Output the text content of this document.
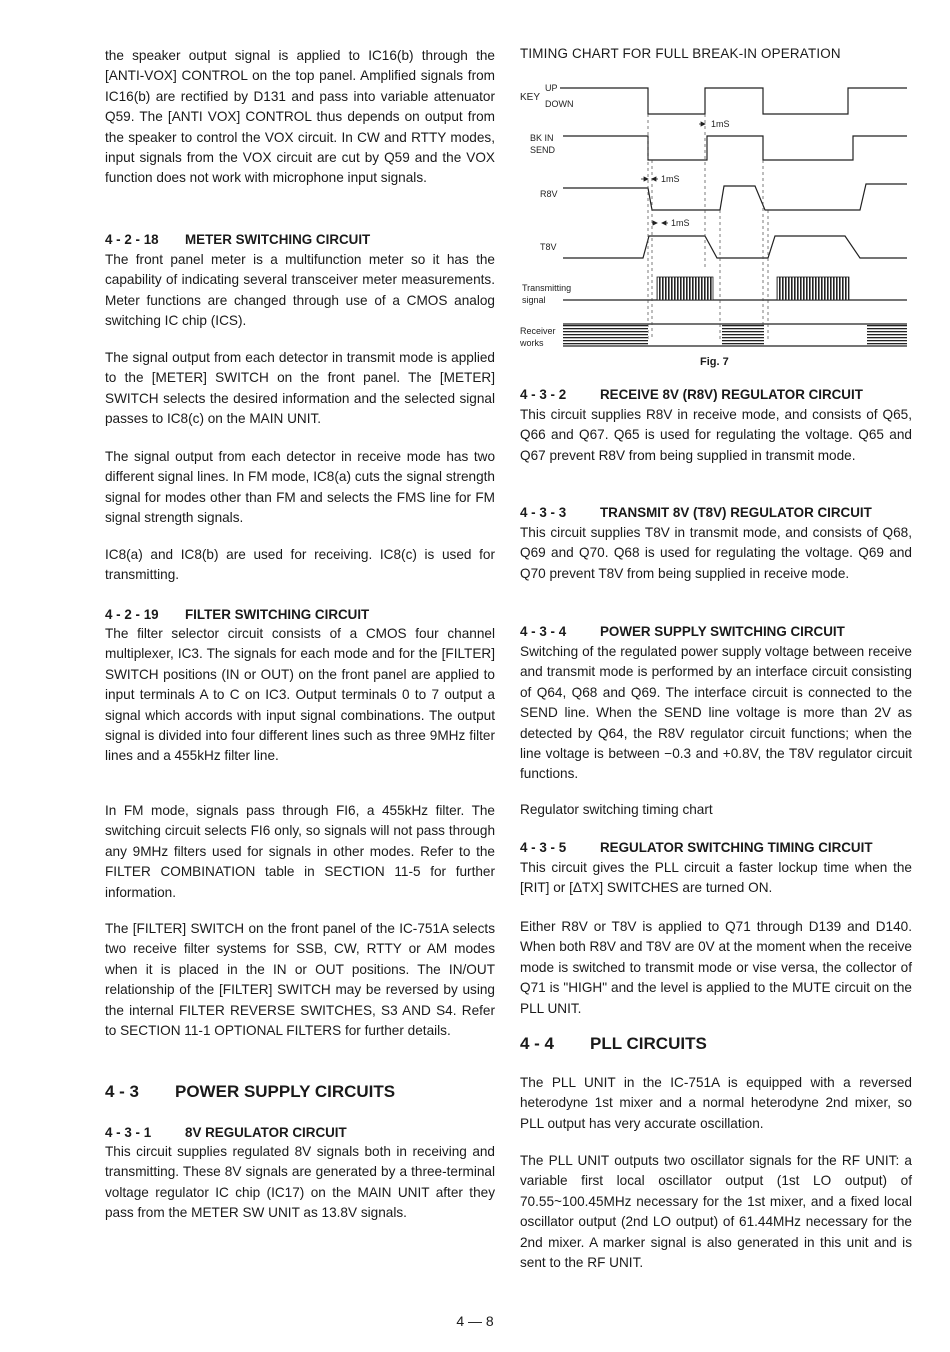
the speaker output signal is applied to IC16(b) through the [ANTI-VOX] CONTROL on the top panel. Amplified signals from IC16(b) are rectified by D131 and pass into variable attenuator Q59. The [ANTI VOX] CONTROL thus depends on output from the speaker to control the VOX circuit. In CW and RTTY modes, input signals from the VOX circuit are cut by Q59 and the VOX function does not work with microphone input signals.

4 - 2 - 18 METER SWITCHING CIRCUIT

The front panel meter is a multifunction meter so it has the capability of indicating several transceiver meter measurements. Meter functions are changed through use of a CMOS analog switching IC chip (ICS).

The signal output from each detector in transmit mode is applied to the [METER] SWITCH on the front panel. The [METER] SWITCH selects the desired information and the selected signal passes to IC8(c) on the MAIN UNIT.

The signal output from each detector in receive mode has two different signal lines. In FM mode, IC8(a) cuts the signal strength signal for modes other than FM and selects the FMS line for FM signal strength signals.

IC8(a) and IC8(b) are used for receiving. IC8(c) is used for transmitting.

4 - 2 - 19 FILTER SWITCHING CIRCUIT

The filter selector circuit consists of a CMOS four channel multiplexer, IC3. The signals for each mode and for the [FILTER] SWITCH positions (IN or OUT) on the front panel are applied to input terminals A to C on IC3. Output terminals 0 to 7 output a signal which accords with input signal combinations. The output signal is divided into four different lines such as three 9MHz filter lines and a 455kHz filter line.

In FM mode, signals pass through FI6, a 455kHz filter. The switching circuit selects FI6 only, so signals will not pass through any 9MHz filters used for signals in other modes. Refer to the FILTER COMBINATION table in SECTION 11-5 for further information.

The [FILTER] SWITCH on the front panel of the IC-751A selects two receive filter systems for SSB, CW, RTTY or AM modes when it is placed in the IN or OUT positions. The IN/OUT relationship of the [FILTER] SWITCH may be reversed by using the internal FILTER REVERSE SWITCHES, S3 AND S4. Refer to SECTION 11-1 OPTIONAL FILTERS for further details.

4 - 3 POWER SUPPLY CIRCUITS
4 - 3 - 1	8V REGULATOR CIRCUIT

This circuit supplies regulated 8V signals both in receiving and transmitting. These 8V signals are generated by a three-terminal voltage regulator IC chip (IC17) on the MAIN UNIT after they pass from the METER SW UNIT as 13.8V signals.

TIMING CHART FOR FULL BREAK-IN OPERATION
KEY
UP
DOWN
BK IN
SEND
R8V
T8V
Transmitting
signal
Receiver
works
1mS
1mS
1mS
Fig. 7
4 - 3 - 2	RECEIVE 8V (R8V) REGULATOR CIRCUIT

This circuit supplies R8V in receive mode, and consists of Q65, Q66 and Q67. Q65 is used for regulating the voltage. Q65 and Q67 prevent R8V from being supplied in transmit mode.

4 - 3 - 3	TRANSMIT 8V (T8V) REGULATOR CIRCUIT

This circuit supplies T8V in transmit mode, and consists of Q68, Q69 and Q70. Q68 is used for regulating the voltage. Q69 and Q70 prevent T8V from being supplied in receive mode.

4 - 3 - 4	POWER SUPPLY SWITCHING CIRCUIT

Switching of the regulated power supply voltage between receive and transmit mode is performed by an interface circuit consisting of Q64, Q68 and Q69. The interface circuit is connected to the SEND line. When the SEND line voltage is more than 2V as detected by Q64, the R8V regulator circuit functions; when the line voltage is between −0.3 and +0.8V, the T8V regulator circuit functions.

Regulator switching timing chart

4 - 3 - 5	REGULATOR SWITCHING TIMING CIRCUIT

This circuit gives the PLL circuit a faster lockup time when the [RIT] or [ΔTX] SWITCHES are turned ON.

Either R8V or T8V is applied to Q71 through D139 and D140. When both R8V and T8V are 0V at the moment when the receive mode is switched to transmit mode or vise versa, the collector of Q71 is "HIGH" and the level is applied to the MUTE circuit on the PLL UNIT.

4 - 4 PLL CIRCUITS

The PLL UNIT in the IC-751A is equipped with a reversed heterodyne 1st mixer and a normal heterodyne 2nd mixer, so PLL output has very accurate oscillation.

The PLL UNIT outputs two oscillator signals for the RF UNIT: a variable first local oscillator output (1st LO output) of 70.55~100.45MHz necessary for the 1st mixer, and a fixed local oscillator output (2nd LO output) of 61.44MHz necessary for the 2nd mixer. A marker signal is also generated in this unit and is sent to the RF UNIT.

4 — 8
